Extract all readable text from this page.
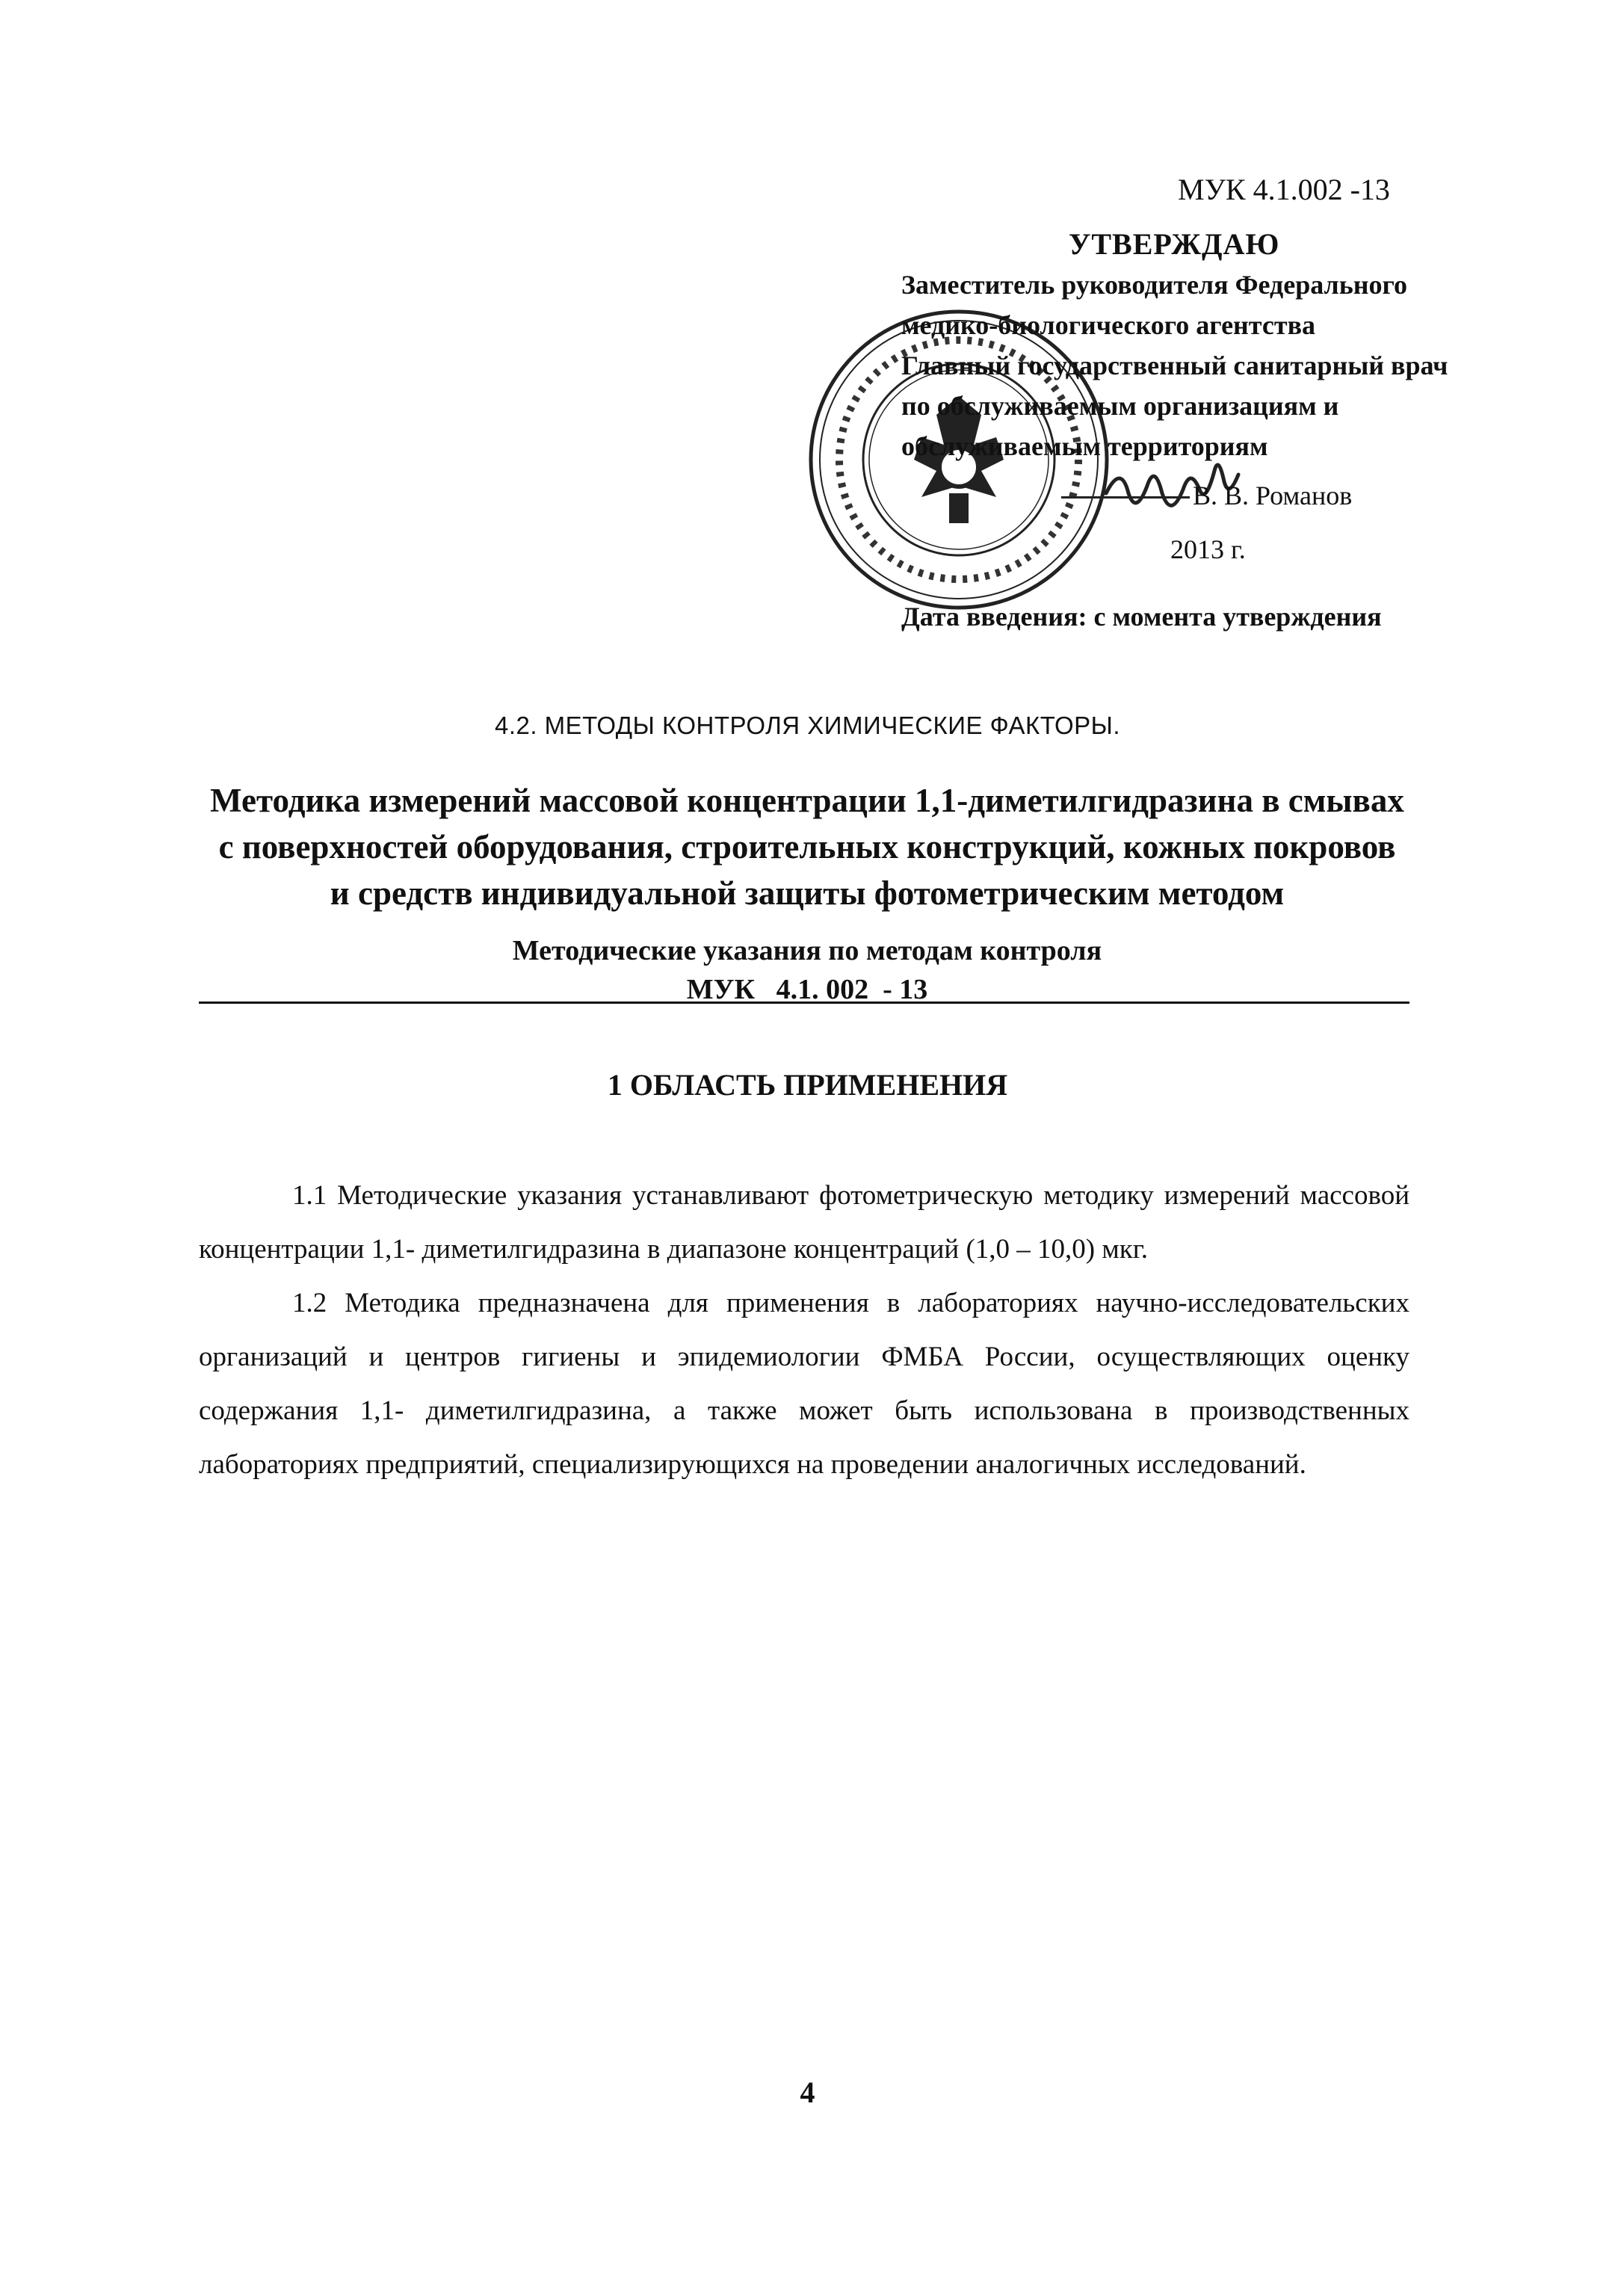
МУК 4.1.002 -13
УТВЕРЖДАЮ
Заместитель руководителя Федерального
медико-биологического агентства
Главный государственный санитарный врач
по обслуживаемым организациям и
обслуживаемым территориям
В. В. Романов
2013 г.
Дата введения: с момента утверждения
4.2. МЕТОДЫ КОНТРОЛЯ ХИМИЧЕСКИЕ ФАКТОРЫ.
Методика измерений массовой концентрации 1,1-диметилгидразина в смывах
с поверхностей оборудования, строительных конструкций, кожных покровов
и средств индивидуальной защиты фотометрическим методом
Методические указания по методам контроля
МУК   4.1. 002  - 13
1 ОБЛАСТЬ ПРИМЕНЕНИЯ
1.1 Методические указания устанавливают фотометрическую методику измерений массовой концентрации 1,1- диметилгидразина в диапазоне концентраций (1,0 – 10,0) мкг.
1.2 Методика предназначена для применения в лабораториях научно-исследовательских организаций и центров гигиены и эпидемиологии ФМБА России, осуществляющих оценку содержания 1,1- диметилгидразина, а также может быть использована в производственных лабораториях предприятий, специализирующихся на проведении аналогичных исследований.
4
